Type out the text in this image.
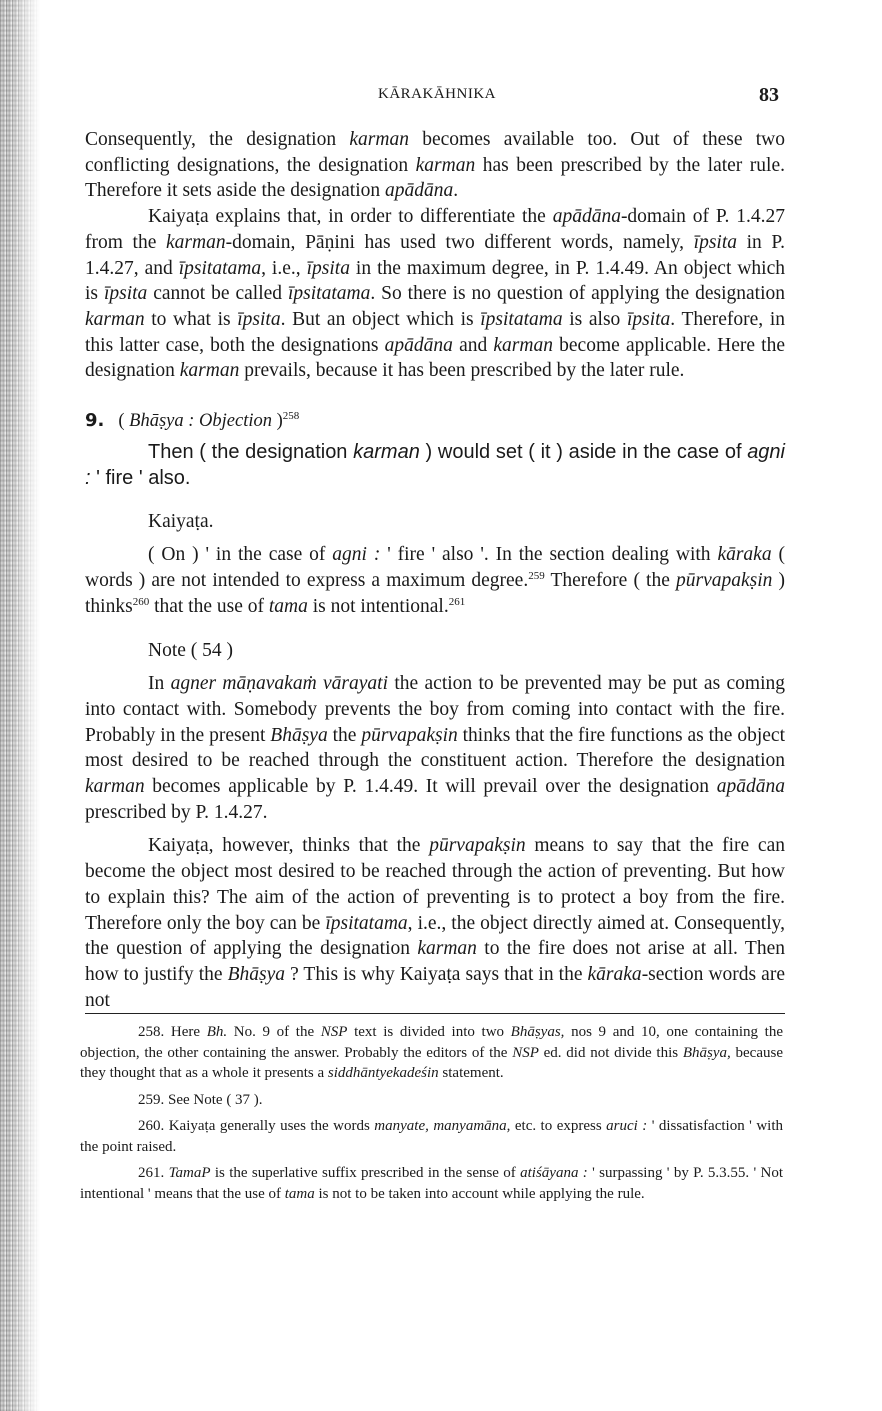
KĀRAKĀHNIKA	83

Consequently, the designation karman becomes available too. Out of these two conflicting designations, the designation karman has been prescribed by the later rule. Therefore it sets aside the designation apādāna.

Kaiyaṭa explains that, in order to differentiate the apādāna-domain of P. 1.4.27 from the karman-domain, Pāṇini has used two different words, namely, īpsita in P. 1.4.27, and īpsitatama, i.e., īpsita in the maximum degree, in P. 1.4.49. An object which is īpsita cannot be called īpsitatama. So there is no question of applying the designation karman to what is īpsita. But an object which is īpsitatama is also īpsita. Therefore, in this latter case, both the designations apādāna and karman become applicable. Here the designation karman prevails, because it has been prescribed by the later rule.

9. ( Bhāṣya : Objection )$^{258}$

Then ( the designation karman ) would set ( it ) aside in the case of agni : ' fire ' also.

Kaiyaṭa.

( On ) ' in the case of agni : ' fire ' also '. In the section dealing with kāraka ( words ) are not intended to express a maximum degree.$^{259}$ Therefore ( the pūrvapakṣin ) thinks$^{260}$ that the use of tama is not intentional.$^{261}$

Note ( 54 )

In agner māṇavakaṁ vārayati the action to be prevented may be put as coming into contact with. Somebody prevents the boy from coming into contact with the fire. Probably in the present Bhāṣya the pūrvapakṣin thinks that the fire functions as the object most desired to be reached through the constituent action. Therefore the designation karman becomes applicable by P. 1.4.49. It will prevail over the designation apādāna prescribed by P. 1.4.27.

Kaiyaṭa, however, thinks that the pūrvapakṣin means to say that the fire can become the object most desired to be reached through the action of preventing. But how to explain this? The aim of the action of preventing is to protect a boy from the fire. Therefore only the boy can be īpsitatama, i.e., the object directly aimed at. Consequently, the question of applying the designation karman to the fire does not arise at all. Then how to justify the Bhāṣya ? This is why Kaiyaṭa says that in the kāraka-section words are not

258. Here Bh. No. 9 of the NSP text is divided into two Bhāṣyas, nos 9 and 10, one containing the objection, the other containing the answer. Probably the editors of the NSP ed. did not divide this Bhāṣya, because they thought that as a whole it presents a siddhāntyekadeśin statement.

259. See Note ( 37 ).

260. Kaiyaṭa generally uses the words manyate, manyamāna, etc. to express aruci : ' dissatisfaction ' with the point raised.

261. TamaP is the superlative suffix prescribed in the sense of atiśāyana : ' surpassing ' by P. 5.3.55. ' Not intentional ' means that the use of tama is not to be taken into account while applying the rule.
